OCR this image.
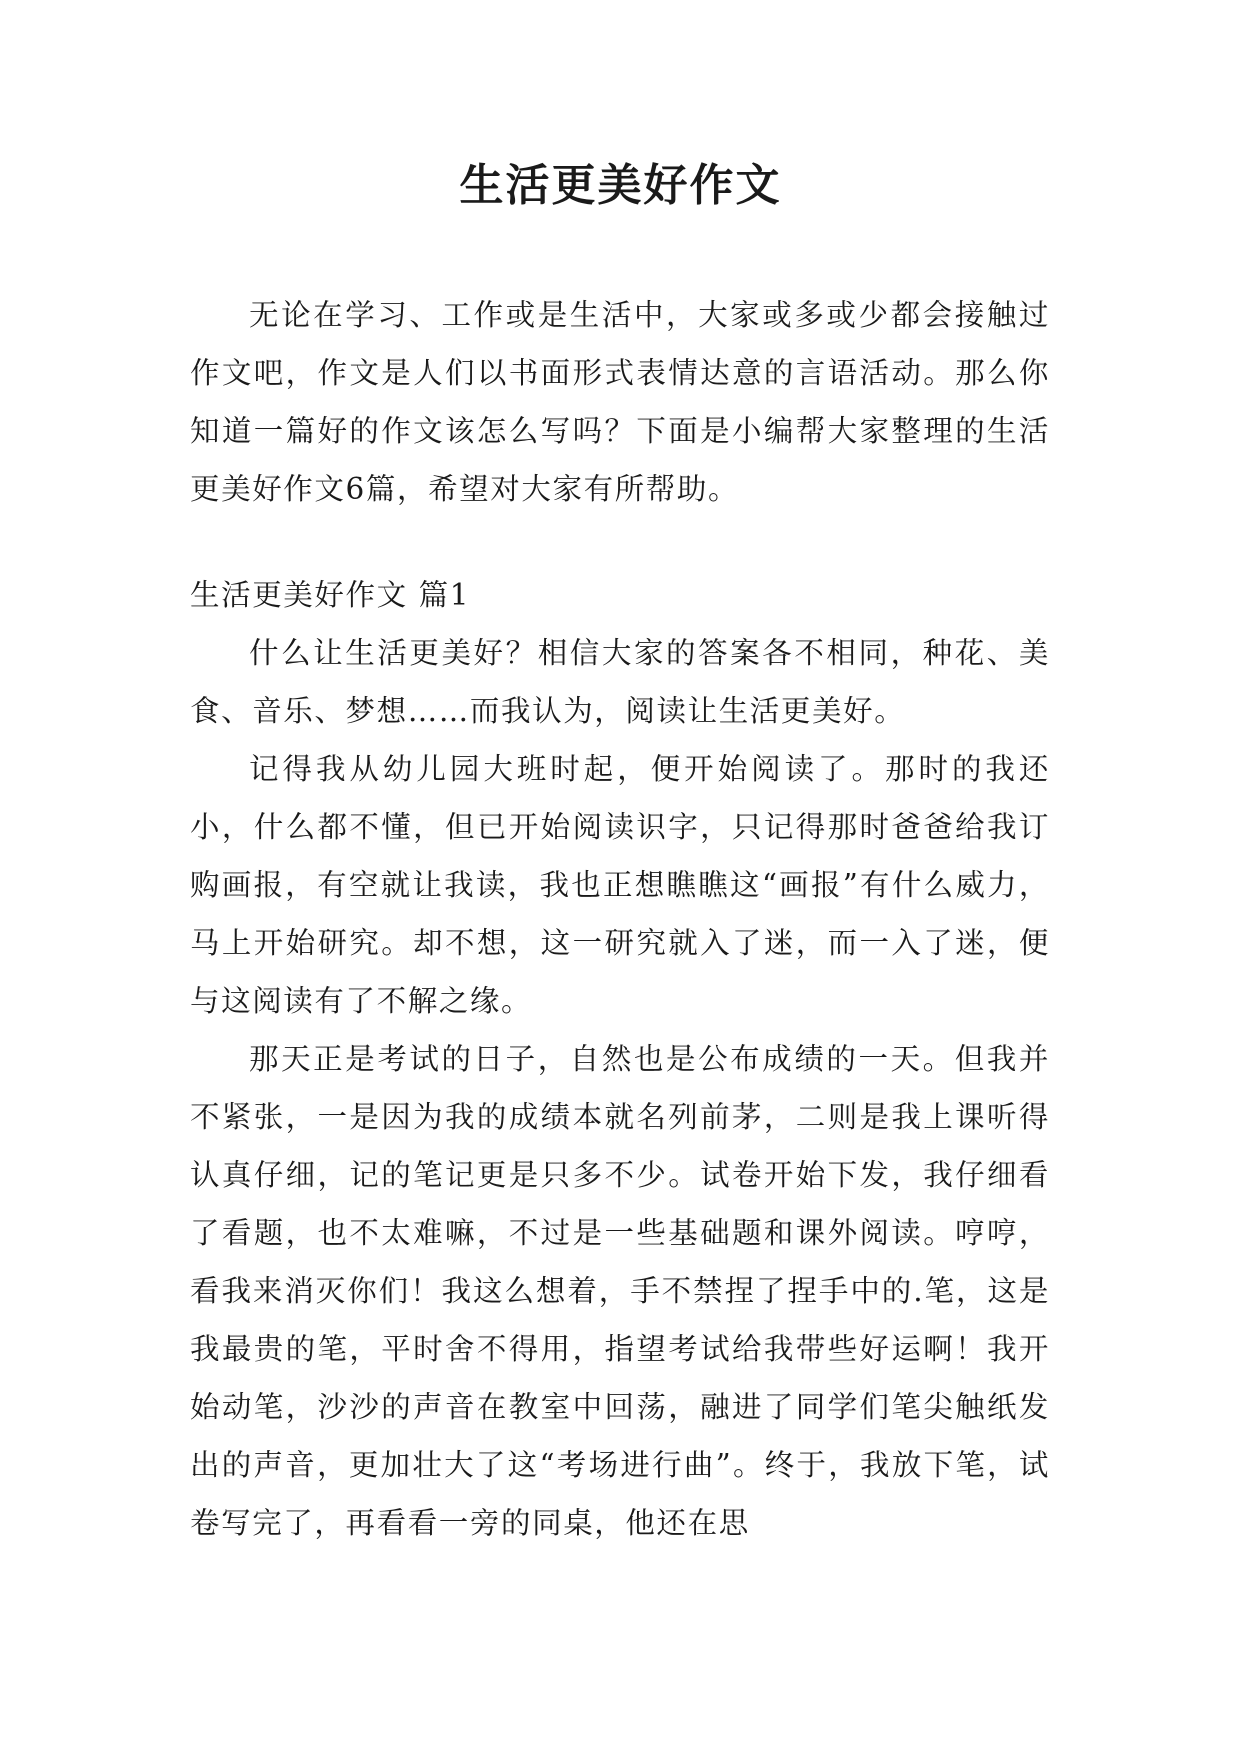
生活更美好作文

无论在学习、工作或是生活中，大家或多或少都会接触过作文吧，作文是人们以书面形式表情达意的言语活动。那么你知道一篇好的作文该怎么写吗？下面是小编帮大家整理的生活更美好作文6篇，希望对大家有所帮助。

生活更美好作文 篇1

什么让生活更美好？相信大家的答案各不相同，种花、美食、音乐、梦想……而我认为，阅读让生活更美好。

记得我从幼儿园大班时起，便开始阅读了。那时的我还小，什么都不懂，但已开始阅读识字，只记得那时爸爸给我订购画报，有空就让我读，我也正想瞧瞧这“画报”有什么威力，马上开始研究。却不想，这一研究就入了迷，而一入了迷，便与这阅读有了不解之缘。

那天正是考试的日子，自然也是公布成绩的一天。但我并不紧张，一是因为我的成绩本就名列前茅，二则是我上课听得认真仔细，记的笔记更是只多不少。试卷开始下发，我仔细看了看题，也不太难嘛，不过是一些基础题和课外阅读。哼哼，看我来消灭你们！我这么想着，手不禁捏了捏手中的.笔，这是我最贵的笔，平时舍不得用，指望考试给我带些好运啊！我开始动笔，沙沙的声音在教室中回荡，融进了同学们笔尖触纸发出的声音，更加壮大了这“考场进行曲”。终于，我放下笔，试卷写完了，再看看一旁的同桌，他还在思
